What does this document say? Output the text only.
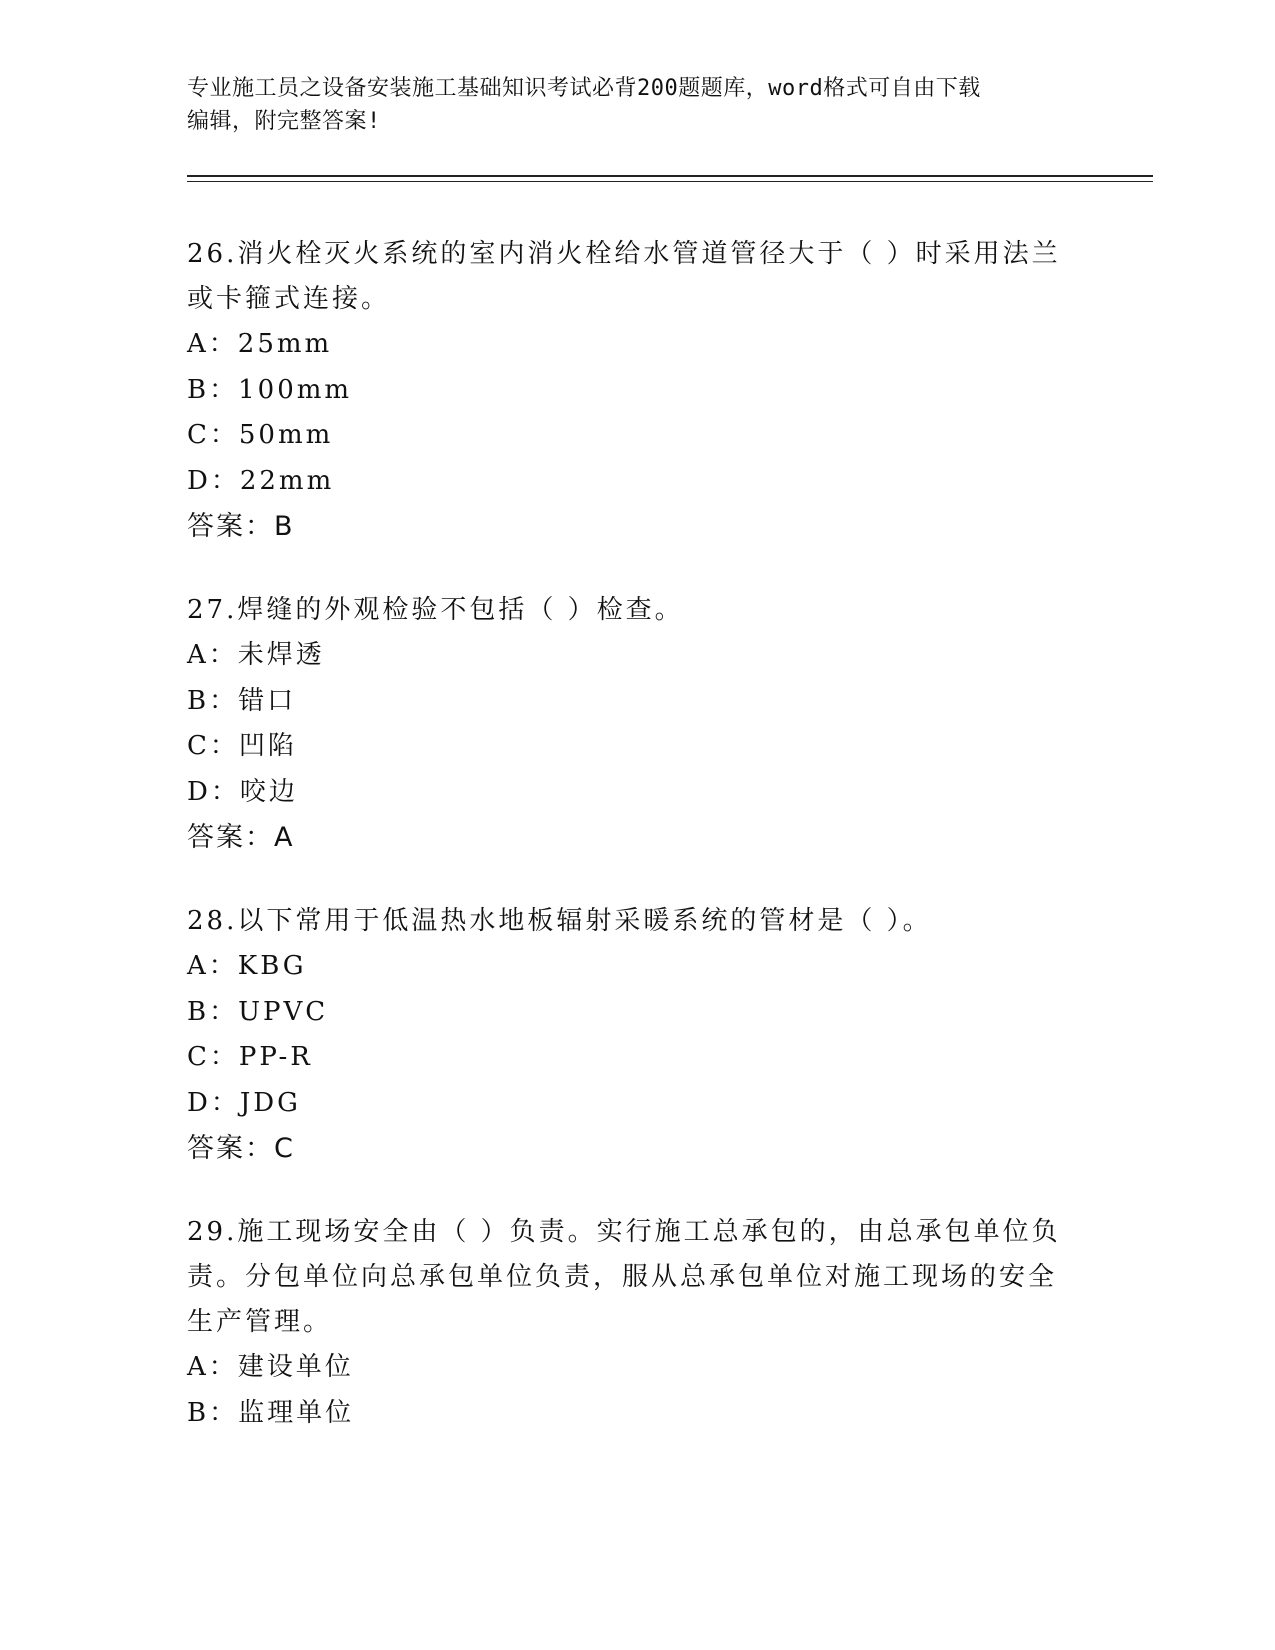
专业施工员之设备安装施工基础知识考试必背200题题库，word格式可自由下载
编辑，附完整答案!
26.消火栓灭火系统的室内消火栓给水管道管径大于（ ）时采用法兰或卡箍式连接。
A：25mm
B：100mm
C：50mm
D：22mm
答案：B
27.焊缝的外观检验不包括（ ）检查。
A：未焊透
B：错口
C：凹陷
D：咬边
答案：A
28.以下常用于低温热水地板辐射采暖系统的管材是（ ）。
A：KBG
B：UPVC
C：PP-R
D：JDG
答案：C
29.施工现场安全由（ ）负责。实行施工总承包的，由总承包单位负责。分包单位向总承包单位负责，服从总承包单位对施工现场的安全生产管理。
A：建设单位
B：监理单位
